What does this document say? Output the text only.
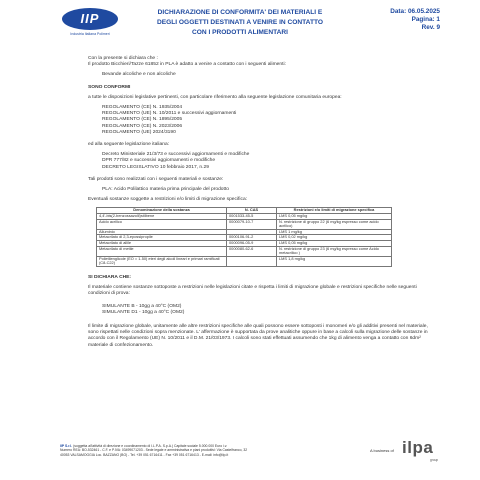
IIP
Industria Italiana Polimeri
DICHIARAZIONE DI CONFORMITA' DEI MATERIALI E
DEGLI OGGETTI DESTINATI A VENIRE IN CONTATTO
CON I PRODOTTI ALIMENTARI
Data: 06.05.2025
Pagina: 1
Rev. 9

Con la presente si dichiara che :

Il prodotto Bicchieri/Tazze 61852 in PLA è adatto a venire a contatto con i seguenti alimenti:

Bevande alcoliche e non alcoliche

SONO CONFORMI

a tutte le disposizioni legislative pertinenti, con particolare riferimento alla seguente legislazione comunitaria europea:

REGOLAMENTO (CE) N. 1935/2004

REGOLAMENTO (UE) N. 10/2011 e successivi aggiornamenti

REGOLAMENTO (CE) N. 1895/2005

REGOLAMENTO (CE) N. 2023/2006

REGOLAMENTO (UE) 2024/3190

ed alla seguente legislazione italiana:

Decreto Ministeriale 21/3/73 e successivi aggiornamenti e modifiche

DPR 777/82 e successivi aggiornamenti e modifiche

DECRETO LEGISLATIVO 10 febbraio 2017, n.29

Tali prodotti sono realizzati con i seguenti materiali e sostanze:

PLA: Acido Polilattico materia prima principale del prodotto

Eventuali sostanze soggette a restrizioni e/o limiti di migrazione specifica:

Denominazione della sostanza	N. CAS	Restrizioni e/o limiti di migrazione specifica
4,4'-bis(2-benzossazolil)stilbene	0001533-45-5	LMS 0,05 mg/kg
Acido acrilico	0000079-10-7	N. restrizione di gruppo 22 (6 mg/kg espresso come acido acrilico)
Alluminio		LMS 1 mg/kg
Metacrilato di 2,3-epossipropile	0000106-91-2	LMS 0,02 mg/kg
Metacrilato di allile	0000096-05-9	LMS 0,05 mg/kg
Metacrilato di metile	0000080-62-6	N. restrizione di gruppo 23 (6 mg/kg espresso come Acido metacrilico )
Polietilenglicole (EO = 1-50) eteri degli alcoli lineari e primari ramificati (C8-C22)		LMS 1,8 mg/kg

SI DICHIARA CHE:

Il materiale contiene sostanze sottoposte a restrizioni nelle legislazioni citate e rispetta i limiti di migrazione globale e restrizioni specifiche nelle seguenti condizioni di prova:

SIMULANTE B - 10gg a 40°C (OM2)

SIMULANTE D1 - 10gg a 40°C (OM2)

Il limite di migrazione globale, unitamente alle altre restrizioni specifiche alle quali possono essere sottoposti i monomeri e/o gli additivi presenti nel materiale, sono rispettati nelle condizioni sopra menzionate. L' affermazione è supportata da prove analitiche oppure in base a calcoli sulla migrazione delle sostanze in accordo con il Regolamento (UE) N. 10/2011 e il D.M. 21/03/1973. I calcoli sono stati effettuati assumendo che 1kg di alimento venga a contatto con 6dm² materiale di confezionamento.

IIP S.r.l. (soggetta all'attività di direzione e coordinamento di I.L.P.A. S.p.A.) Capitale sociale 5.000.000 Euro i.v.
Numero REA: BO-532461 - C.F. e P.IVA: 03499071203 - Sede legale e amministrativa e piani produttivi: Via Castelfranco, 32
40053 VALSAMOGGIA Loc. BAZZANO (BO) - Tel. +39 051 6716411 - Fax +39 051 6716413 - E-mail: info@iip.it
A business of ilpa
group
